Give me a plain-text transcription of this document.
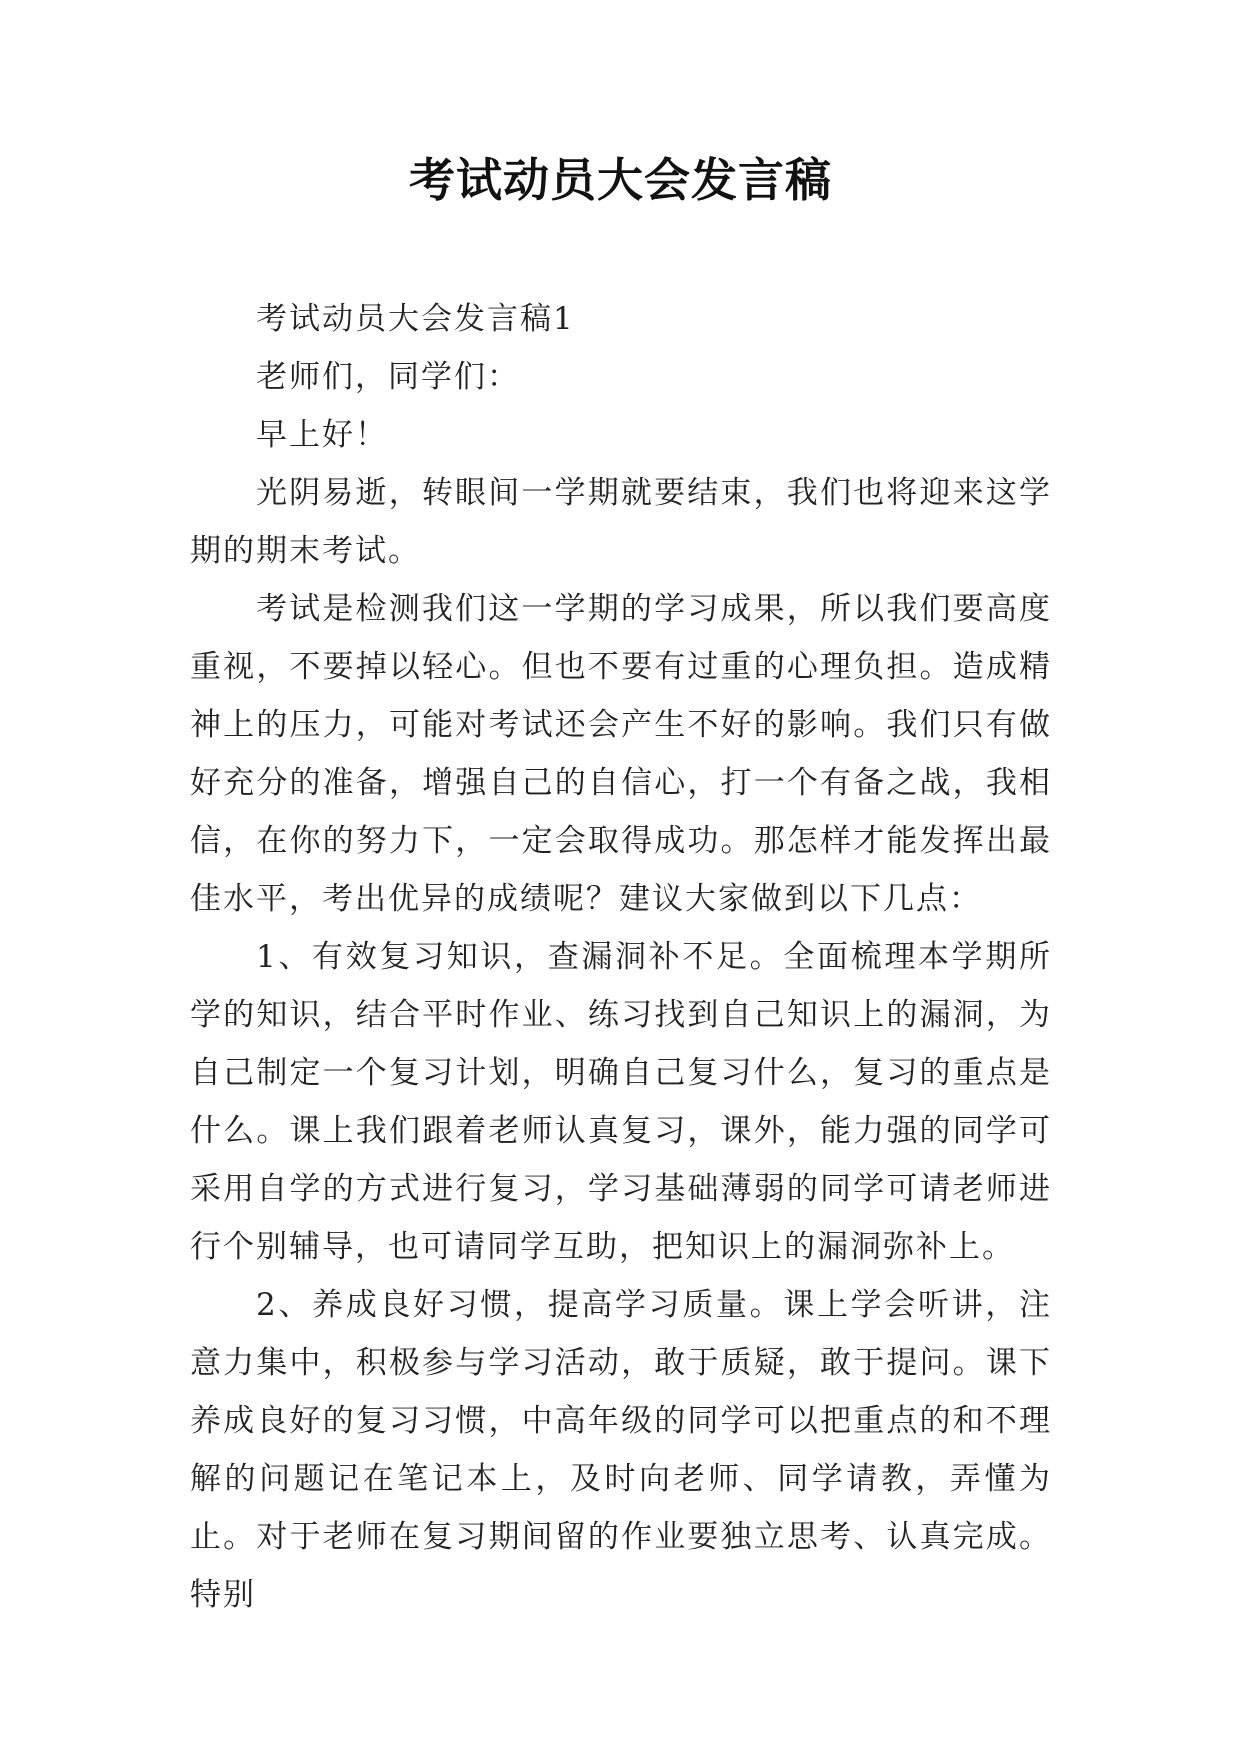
考试动员大会发言稿

考试动员大会发言稿1

老师们，同学们：

早上好！

光阴易逝，转眼间一学期就要结束，我们也将迎来这学期的期末考试。

考试是检测我们这一学期的学习成果，所以我们要高度重视，不要掉以轻心。但也不要有过重的心理负担。造成精神上的压力，可能对考试还会产生不好的影响。我们只有做好充分的准备，增强自己的自信心，打一个有备之战，我相信，在你的努力下，一定会取得成功。那怎样才能发挥出最佳水平，考出优异的成绩呢？建议大家做到以下几点：

1、有效复习知识，查漏洞补不足。全面梳理本学期所学的知识，结合平时作业、练习找到自己知识上的漏洞，为自己制定一个复习计划，明确自己复习什么，复习的重点是什么。课上我们跟着老师认真复习，课外，能力强的同学可采用自学的方式进行复习，学习基础薄弱的同学可请老师进行个别辅导，也可请同学互助，把知识上的漏洞弥补上。

2、养成良好习惯，提高学习质量。课上学会听讲，注意力集中，积极参与学习活动，敢于质疑，敢于提问。课下养成良好的复习习惯，中高年级的同学可以把重点的和不理解的问题记在笔记本上，及时向老师、同学请教，弄懂为止。对于老师在复习期间留的作业要独立思考、认真完成。特别
